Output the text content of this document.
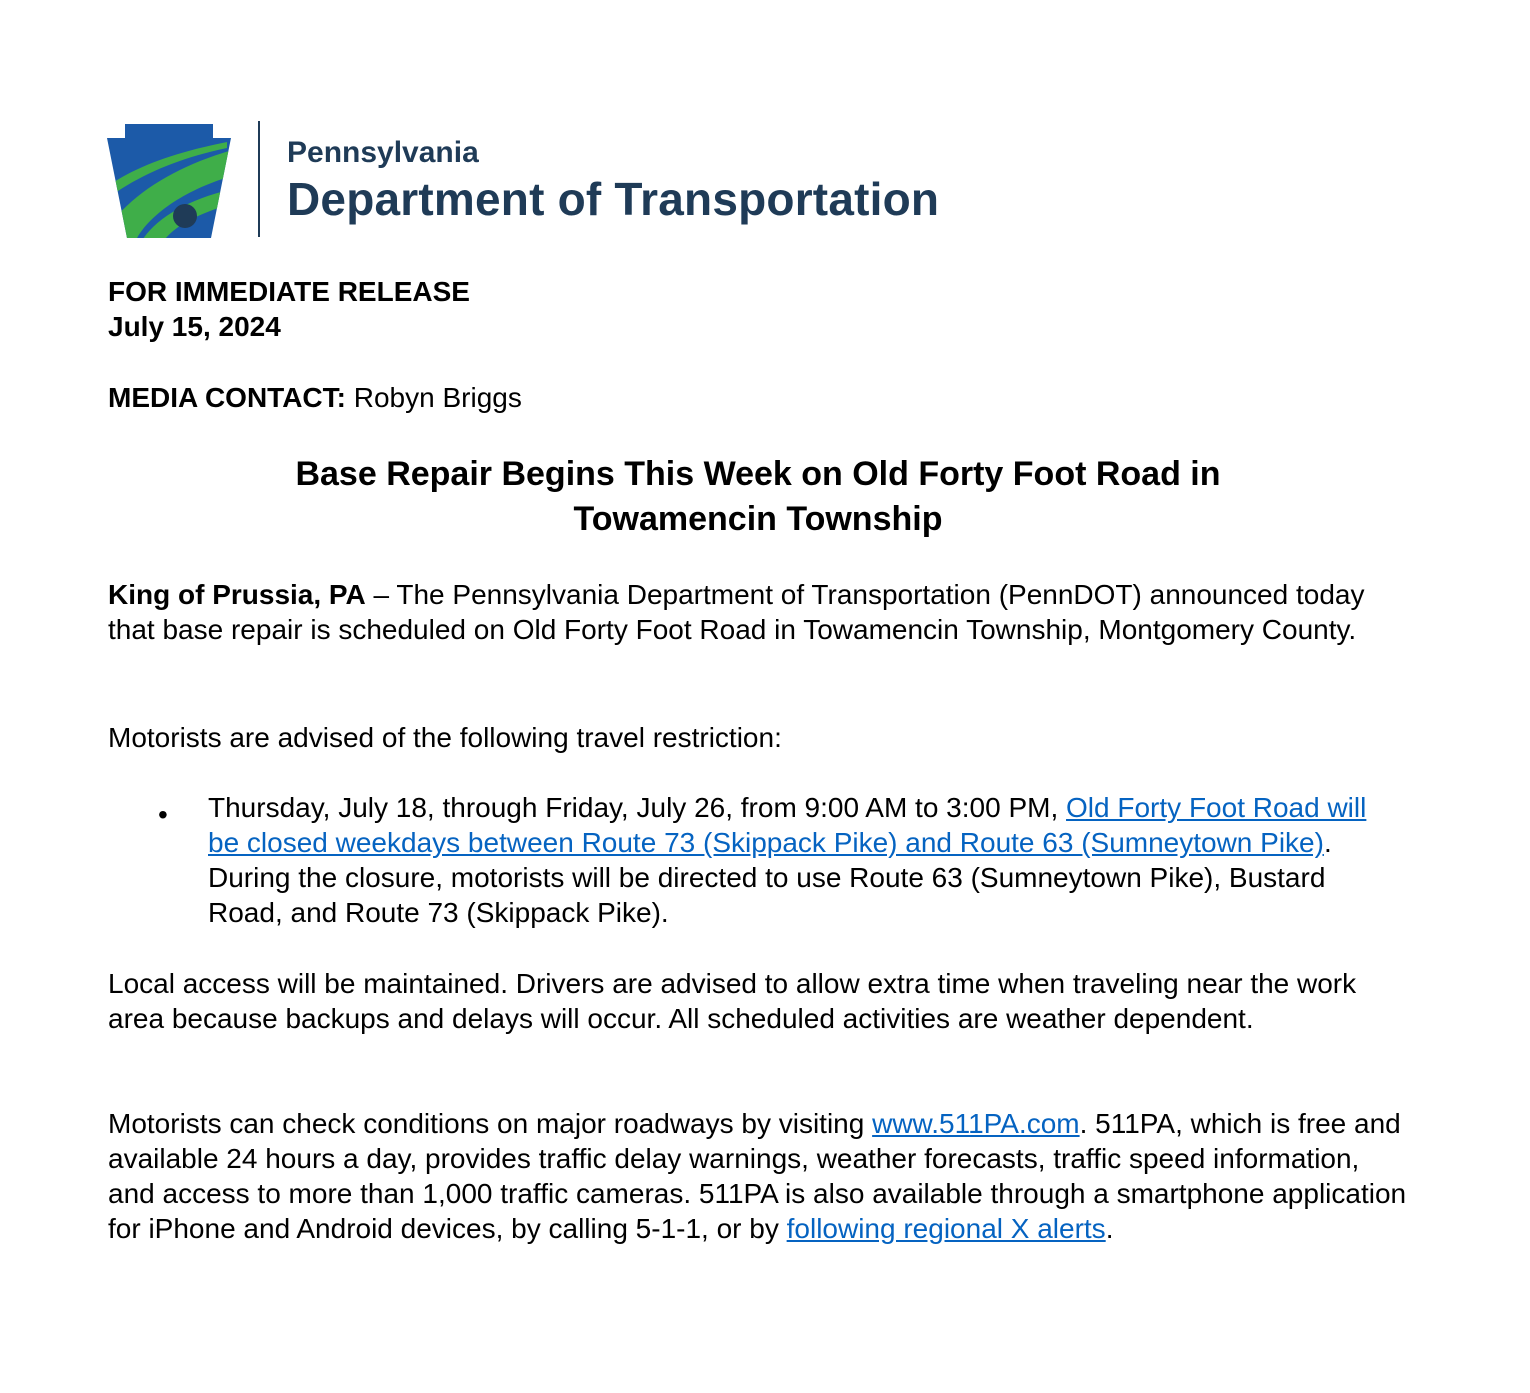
Pennsylvania
Department of Transportation
FOR IMMEDIATE RELEASE
July 15, 2024
MEDIA CONTACT: Robyn Briggs
Base Repair Begins This Week on Old Forty Foot Road in
Towamencin Township
King of Prussia, PA – The Pennsylvania Department of Transportation (PennDOT) announced today that base repair is scheduled on Old Forty Foot Road in Towamencin Township, Montgomery County.
Motorists are advised of the following travel restriction:
• Thursday, July 18, through Friday, July 26, from 9:00 AM to 3:00 PM, Old Forty Foot Road will be closed weekdays between Route 73 (Skippack Pike) and Route 63 (Sumneytown Pike). During the closure, motorists will be directed to use Route 63 (Sumneytown Pike), Bustard Road, and Route 73 (Skippack Pike).
Local access will be maintained. Drivers are advised to allow extra time when traveling near the work area because backups and delays will occur. All scheduled activities are weather dependent.
Motorists can check conditions on major roadways by visiting www.511PA.com. 511PA, which is free and available 24 hours a day, provides traffic delay warnings, weather forecasts, traffic speed information, and access to more than 1,000 traffic cameras. 511PA is also available through a smartphone application for iPhone and Android devices, by calling 5-1-1, or by following regional X alerts.
